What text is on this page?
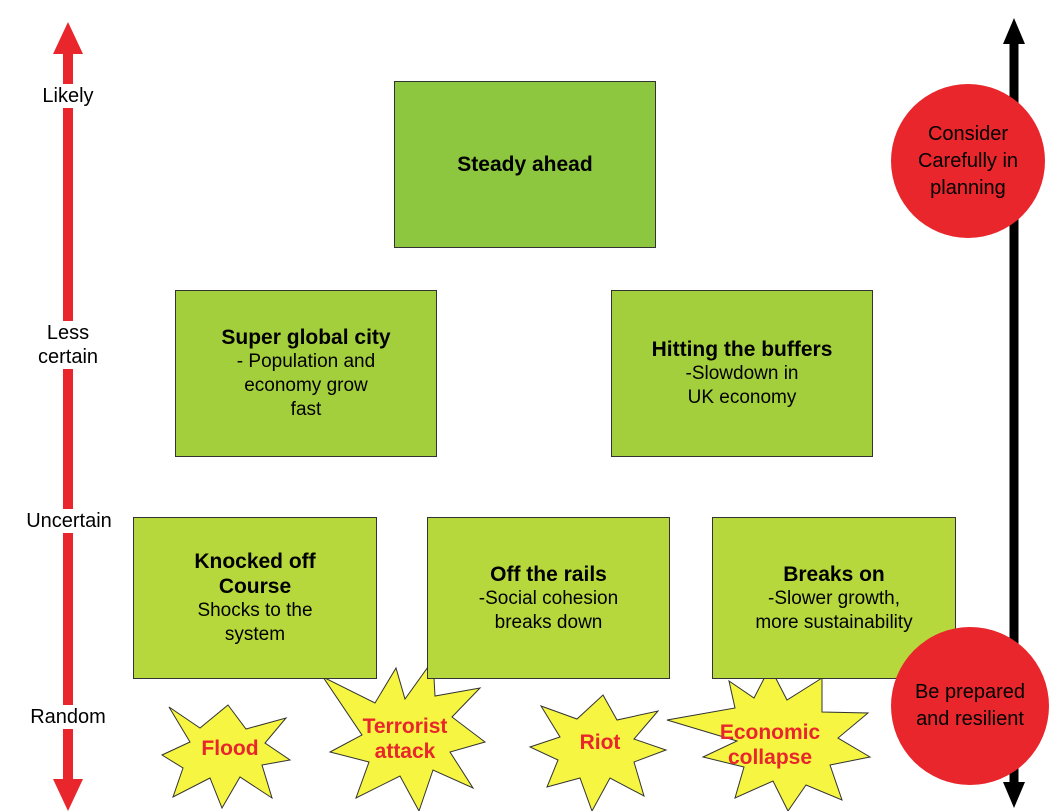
Likely
Less
certain
Uncertain
Random
Steady ahead
Super global city
- Population and
economy grow
fast
Hitting the buffers
-Slowdown in
UK economy
Knocked off
Course
Shocks to the
system
Off the rails
-Social cohesion
breaks down
Breaks on
-Slower growth,
more sustainability
Consider
Carefully in
planning
Be prepared
and resilient
Flood
Terrorist
attack	Riot	Economic
collapse
